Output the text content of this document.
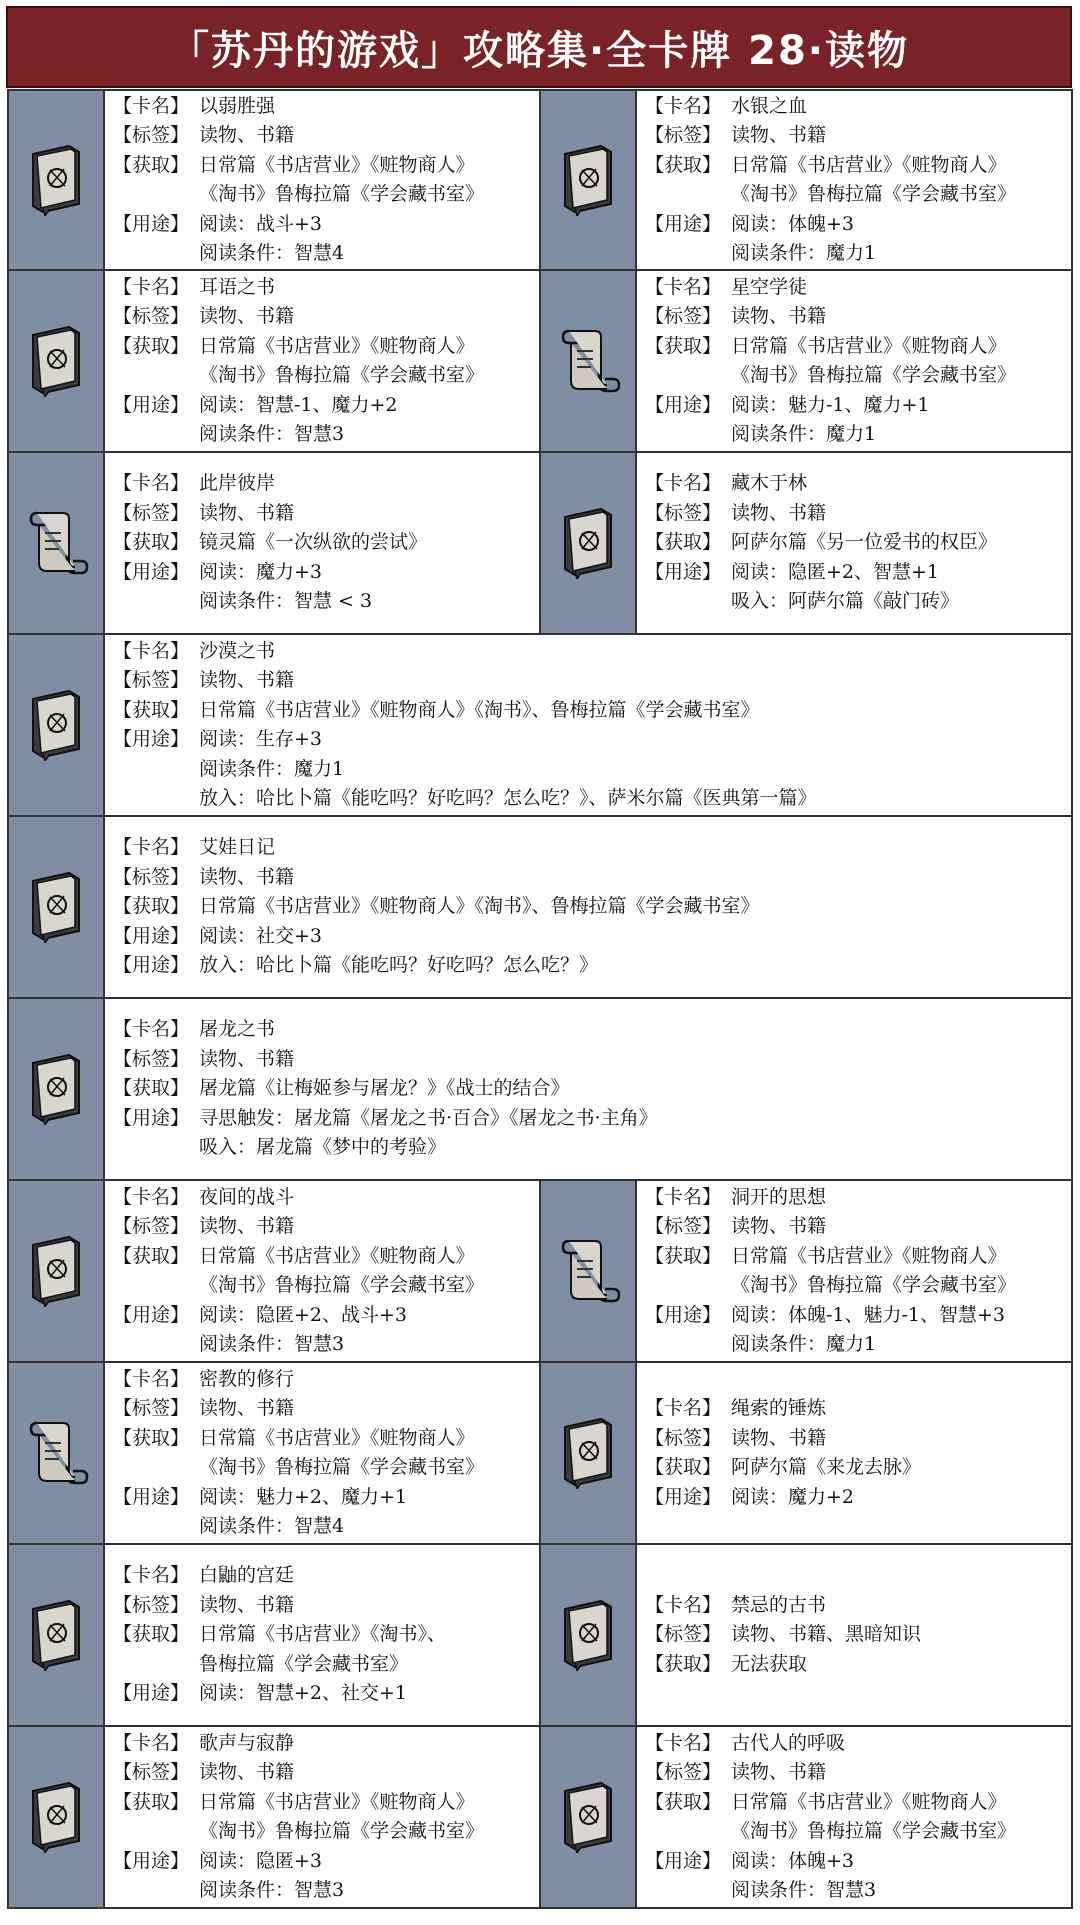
「苏丹的游戏」攻略集·全卡牌 28·读物
【卡名】 以弱胜强
【标签】 读物、书籍
【获取】 日常篇《书店营业》《赃物商人》
《淘书》鲁梅拉篇《学会藏书室》
【用途】 阅读：战斗+3
阅读条件：智慧4
【卡名】 水银之血
【标签】 读物、书籍
【获取】 日常篇《书店营业》《赃物商人》
《淘书》鲁梅拉篇《学会藏书室》
【用途】 阅读：体魄+3
阅读条件：魔力1
【卡名】 耳语之书
【标签】 读物、书籍
【获取】 日常篇《书店营业》《赃物商人》
《淘书》鲁梅拉篇《学会藏书室》
【用途】 阅读：智慧-1、魔力+2
阅读条件：智慧3
【卡名】 星空学徒
【标签】 读物、书籍
【获取】 日常篇《书店营业》《赃物商人》
《淘书》鲁梅拉篇《学会藏书室》
【用途】 阅读：魅力-1、魔力+1
阅读条件：魔力1
【卡名】 此岸彼岸
【标签】 读物、书籍
【获取】 镜灵篇《一次纵欲的尝试》
【用途】 阅读：魔力+3
阅读条件：智慧 < 3
【卡名】 藏木于林
【标签】 读物、书籍
【获取】 阿萨尔篇《另一位爱书的权臣》
【用途】 阅读：隐匿+2、智慧+1
吸入：阿萨尔篇《敲门砖》
【卡名】 沙漠之书
【标签】 读物、书籍
【获取】 日常篇《书店营业》《赃物商人》《淘书》、鲁梅拉篇《学会藏书室》
【用途】 阅读：生存+3
阅读条件：魔力1
放入：哈比卜篇《能吃吗？好吃吗？怎么吃？》、萨米尔篇《医典第一篇》
【卡名】 艾娃日记
【标签】 读物、书籍
【获取】 日常篇《书店营业》《赃物商人》《淘书》、鲁梅拉篇《学会藏书室》
【用途】 阅读：社交+3
【用途】 放入：哈比卜篇《能吃吗？好吃吗？怎么吃？》
【卡名】 屠龙之书
【标签】 读物、书籍
【获取】 屠龙篇《让梅姬参与屠龙？》《战士的结合》
【用途】 寻思触发：屠龙篇《屠龙之书·百合》《屠龙之书·主角》
吸入：屠龙篇《梦中的考验》
【卡名】 夜间的战斗
【标签】 读物、书籍
【获取】 日常篇《书店营业》《赃物商人》
《淘书》鲁梅拉篇《学会藏书室》
【用途】 阅读：隐匿+2、战斗+3
阅读条件：智慧3
【卡名】 洞开的思想
【标签】 读物、书籍
【获取】 日常篇《书店营业》《赃物商人》
《淘书》鲁梅拉篇《学会藏书室》
【用途】 阅读：体魄-1、魅力-1、智慧+3
阅读条件：魔力1
【卡名】 密教的修行
【标签】 读物、书籍
【获取】 日常篇《书店营业》《赃物商人》
《淘书》鲁梅拉篇《学会藏书室》
【用途】 阅读：魅力+2、魔力+1
阅读条件：智慧4
【卡名】 绳索的锤炼
【标签】 读物、书籍
【获取】 阿萨尔篇《来龙去脉》
【用途】 阅读：魔力+2
【卡名】 白鼬的宫廷
【标签】 读物、书籍
【获取】 日常篇《书店营业》《淘书》、
鲁梅拉篇《学会藏书室》
【用途】 阅读：智慧+2、社交+1
【卡名】 禁忌的古书
【标签】 读物、书籍、黑暗知识
【获取】 无法获取
【卡名】 歌声与寂静
【标签】 读物、书籍
【获取】 日常篇《书店营业》《赃物商人》
《淘书》鲁梅拉篇《学会藏书室》
【用途】 阅读：隐匿+3
阅读条件：智慧3
【卡名】 古代人的呼吸
【标签】 读物、书籍
【获取】 日常篇《书店营业》《赃物商人》
《淘书》鲁梅拉篇《学会藏书室》
【用途】 阅读：体魄+3
阅读条件：智慧3
